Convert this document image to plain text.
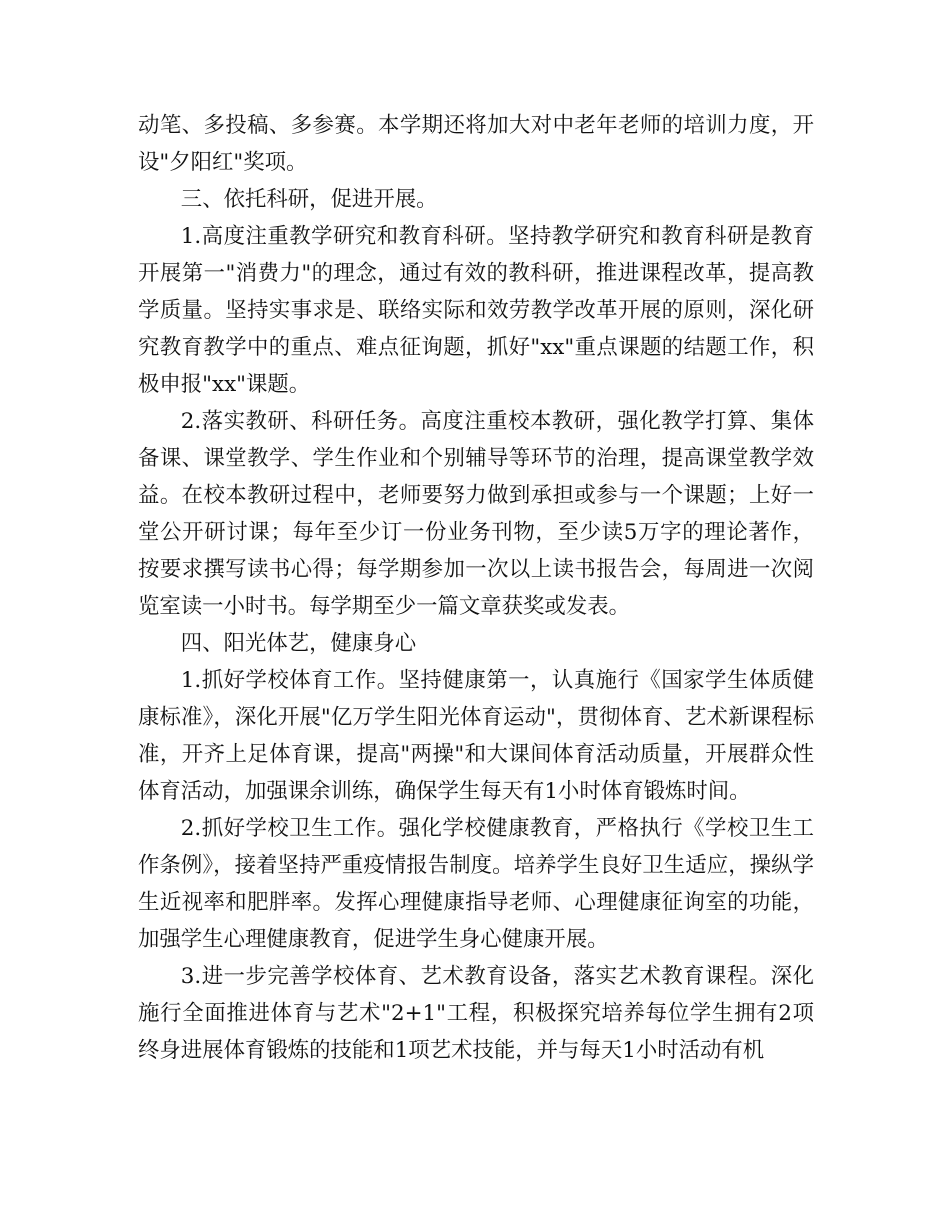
动笔、多投稿、多参赛。本学期还将加大对中老年老师的培训力度，开设"夕阳红"奖项。

三、依托科研，促进开展。

1.高度注重教学研究和教育科研。坚持教学研究和教育科研是教育开展第一"消费力"的理念，通过有效的教科研，推进课程改革，提高教学质量。坚持实事求是、联络实际和效劳教学改革开展的原则，深化研究教育教学中的重点、难点征询题，抓好"xx"重点课题的结题工作，积极申报"xx"课题。

2.落实教研、科研任务。高度注重校本教研，强化教学打算、集体备课、课堂教学、学生作业和个别辅导等环节的治理，提高课堂教学效益。在校本教研过程中，老师要努力做到承担或参与一个课题；上好一堂公开研讨课；每年至少订一份业务刊物，至少读5万字的理论著作，按要求撰写读书心得；每学期参加一次以上读书报告会，每周进一次阅览室读一小时书。每学期至少一篇文章获奖或发表。

四、阳光体艺，健康身心

1.抓好学校体育工作。坚持健康第一，认真施行《国家学生体质健康标准》，深化开展"亿万学生阳光体育运动"，贯彻体育、艺术新课程标准，开齐上足体育课，提高"两操"和大课间体育活动质量，开展群众性体育活动，加强课余训练，确保学生每天有1小时体育锻炼时间。

2.抓好学校卫生工作。强化学校健康教育，严格执行《学校卫生工作条例》，接着坚持严重疫情报告制度。培养学生良好卫生适应，操纵学生近视率和肥胖率。发挥心理健康指导老师、心理健康征询室的功能，加强学生心理健康教育，促进学生身心健康开展。

3.进一步完善学校体育、艺术教育设备，落实艺术教育课程。深化施行全面推进体育与艺术"2+1"工程，积极探究培养每位学生拥有2项终身进展体育锻炼的技能和1项艺术技能，并与每天1小时活动有机
